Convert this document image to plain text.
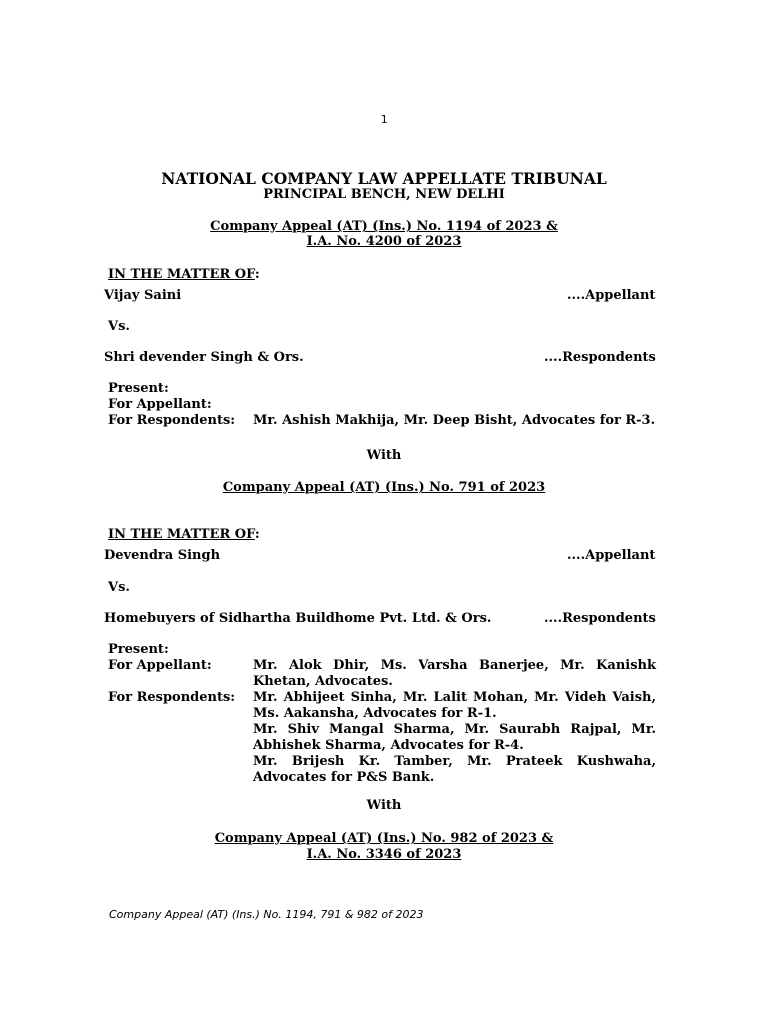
1
NATIONAL COMPANY LAW APPELLATE TRIBUNAL
PRINCIPAL BENCH, NEW DELHI
Company Appeal (AT) (Ins.) No. 1194 of 2023 &
I.A. No. 4200 of 2023
IN THE MATTER OF:
Vijay Saini	....Appellant
Vs.
Shri devender Singh & Ors.	....Respondents
Present:
For Appellant:
For Respondents: Mr. Ashish Makhija, Mr. Deep Bisht, Advocates for R-3.
With
Company Appeal (AT) (Ins.) No. 791 of 2023
IN THE MATTER OF:
Devendra Singh	....Appellant
Vs.
Homebuyers of Sidhartha Buildhome Pvt. Ltd. & Ors.	....Respondents
Present:
For Appellant:	Mr. Alok Dhir, Ms. Varsha Banerjee, Mr. Kanishk Khetan, Advocates.
For Respondents: Mr. Abhijeet Sinha, Mr. Lalit Mohan, Mr. Videh Vaish, Ms. Aakansha, Advocates for R-1.
Mr. Shiv Mangal Sharma, Mr. Saurabh Rajpal, Mr. Abhishek Sharma, Advocates for R-4.
Mr. Brijesh Kr. Tamber, Mr. Prateek Kushwaha, Advocates for P&S Bank.
With
Company Appeal (AT) (Ins.) No. 982 of 2023 &
I.A. No. 3346 of 2023
Company Appeal (AT) (Ins.) No. 1194, 791 & 982 of 2023
